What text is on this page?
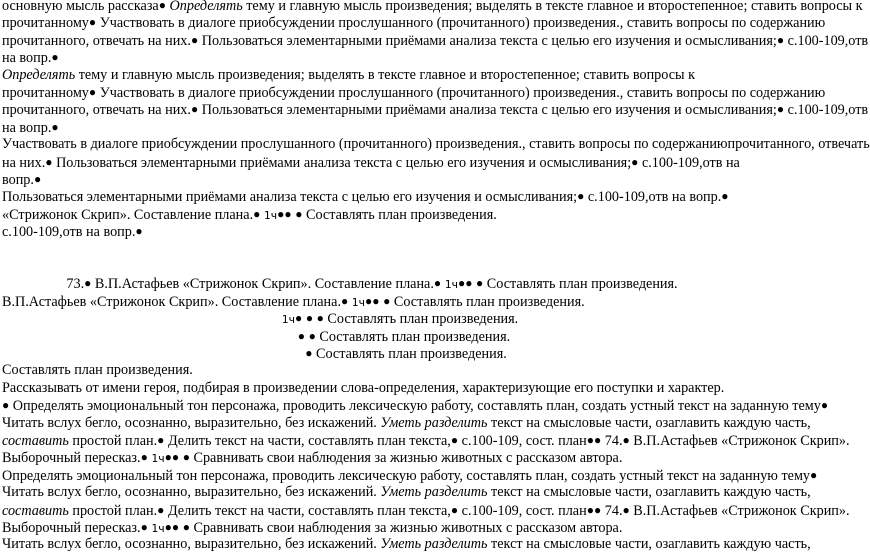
основную мысль рассказа● Определять тему и главную мысль произведения; выделять в тексте главное и второстепенное; ставить вопросы к
прочитанному● Участвовать в диалоге приобсуждении прослушанного (прочитанного) произведения., ставить вопросы по содержанию
прочитанного, отвечать на них.● Пользоваться элементарными приёмами анализа текста с целью его изучения и осмысливания;● с.100-109,отв
на вопр.●
Определять тему и главную мысль произведения; выделять в тексте главное и второстепенное; ставить вопросы к
прочитанному● Участвовать в диалоге приобсуждении прослушанного (прочитанного) произведения., ставить вопросы по содержанию
прочитанного, отвечать на них.● Пользоваться элементарными приёмами анализа текста с целью его изучения и осмысливания;● с.100-109,отв
на вопр.●
Участвовать в диалоге приобсуждении прослушанного (прочитанного) произведения., ставить вопросы по содержаниюпрочитанного, отвечать
на них.● Пользоваться элементарными приёмами анализа текста с целью его изучения и осмысливания;● с.100-109,отв на
вопр.●
Пользоваться элементарными приёмами анализа текста с целью его изучения и осмысливания;● с.100-109,отв на вопр.●
«Стрижонок Скрип». Составление плана.● 1ч●● ● Составлять план произведения.
с.100-109,отв на вопр.●
73.● В.П.Астафьев «Стрижонок Скрип». Составление плана.● 1ч●● ● Составлять план произведения.
В.П.Астафьев «Стрижонок Скрип». Составление плана.● 1ч●● ● Составлять план произведения.
1ч● ● ● Составлять план произведения.
● ● Составлять план произведения.
● Составлять план произведения.
Составлять план произведения.
Рассказывать от имени героя, подбирая в произведении слова-определения, характеризующие его поступки и характер.
● Определять эмоциональный тон персонажа, проводить лексическую работу, составлять план, создать устный текст на заданную тему●
Читать вслух бегло, осознанно, выразительно, без искажений. Уметь разделить текст на смысловые части, озаглавить каждую часть,
составить простой план.● Делить текст на части, составлять план текста,● с.100-109, сост. план●● 74.● В.П.Астафьев «Стрижонок Скрип».
Выборочный пересказ.● 1ч●● ● Сравнивать свои наблюдения за жизнью животных с рассказом автора.
Определять эмоциональный тон персонажа, проводить лексическую работу, составлять план, создать устный текст на заданную тему●
Читать вслух бегло, осознанно, выразительно, без искажений. Уметь разделить текст на смысловые части, озаглавить каждую часть,
составить простой план.● Делить текст на части, составлять план текста,● с.100-109, сост. план●● 74.● В.П.Астафьев «Стрижонок Скрип».
Выборочный пересказ.● 1ч●● ● Сравнивать свои наблюдения за жизнью животных с рассказом автора.
Читать вслух бегло, осознанно, выразительно, без искажений. Уметь разделить текст на смысловые части, озаглавить каждую часть,
